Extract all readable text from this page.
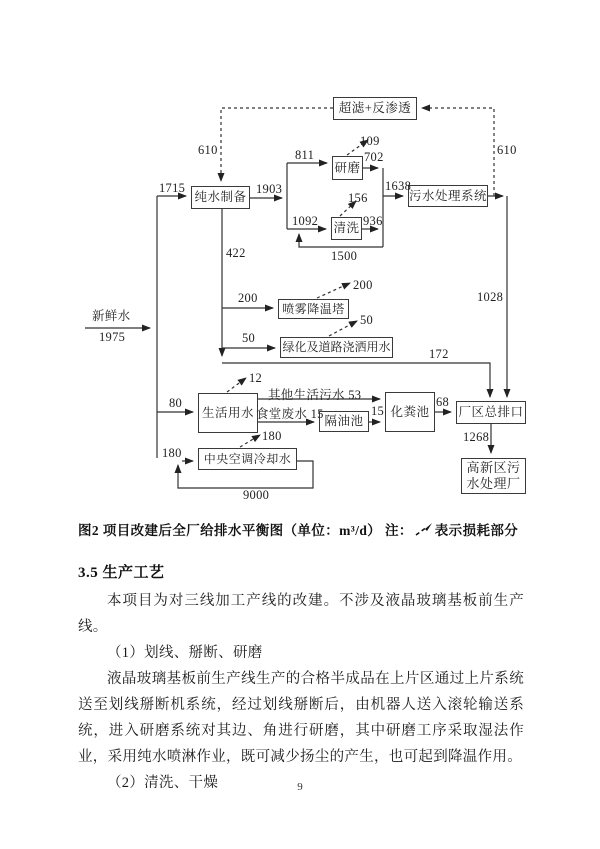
超滤+反渗透
纯水制备
研磨
清洗
污水处理系统
喷雾降温塔
绿化及道路浇洒用水
生活用水
隔油池
化粪池	厂区总排口
高新区污水处理厂
中央空调冷却水
新鲜水
1975
1715
610	610
1903
811
109
702
1092
156
936
1500
1638
422
200
200
50
50
172
1028
80
12
其他生活污水 53
食堂废水 15	15
68
1268
180
180
9000
图2 项目改建后全厂给排水平衡图（单位：m³/d） 注： 表示损耗部分
3.5 生产工艺

本项目为对三线加工产线的改建。不涉及液晶玻璃基板前生产线。

（1）划线、掰断、研磨

液晶玻璃基板前生产线生产的合格半成品在上片区通过上片系统送至划线掰断机系统，经过划线掰断后，由机器人送入滚轮输送系统，进入研磨系统对其边、角进行研磨，其中研磨工序采取湿法作业，采用纯水喷淋作业，既可减少扬尘的产生，也可起到降温作用。

（2）清洗、干燥	9
